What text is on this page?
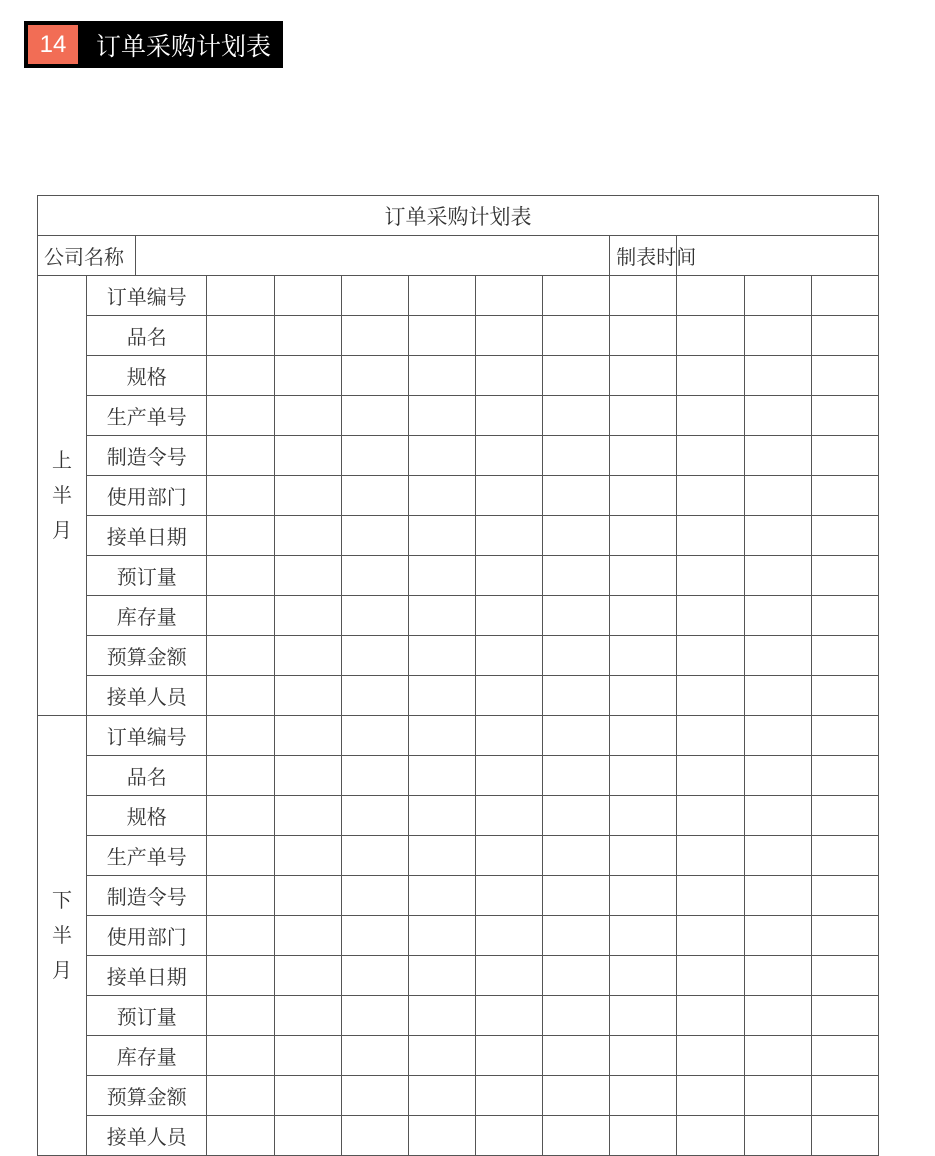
14	订单采购计划表
订单采购计划表												
公司名称									制表时间			
上半月	订单编号											
	品名											
	规格											
	生产单号											
	制造令号											
	使用部门											
	接单日期											
	预订量											
	库存量											
	预算金额											
	接单人员											
下半月	订单编号											
	品名											
	规格											
	生产单号											
	制造令号											
	使用部门											
	接单日期											
	预订量											
	库存量											
	预算金额											
	接单人员											
